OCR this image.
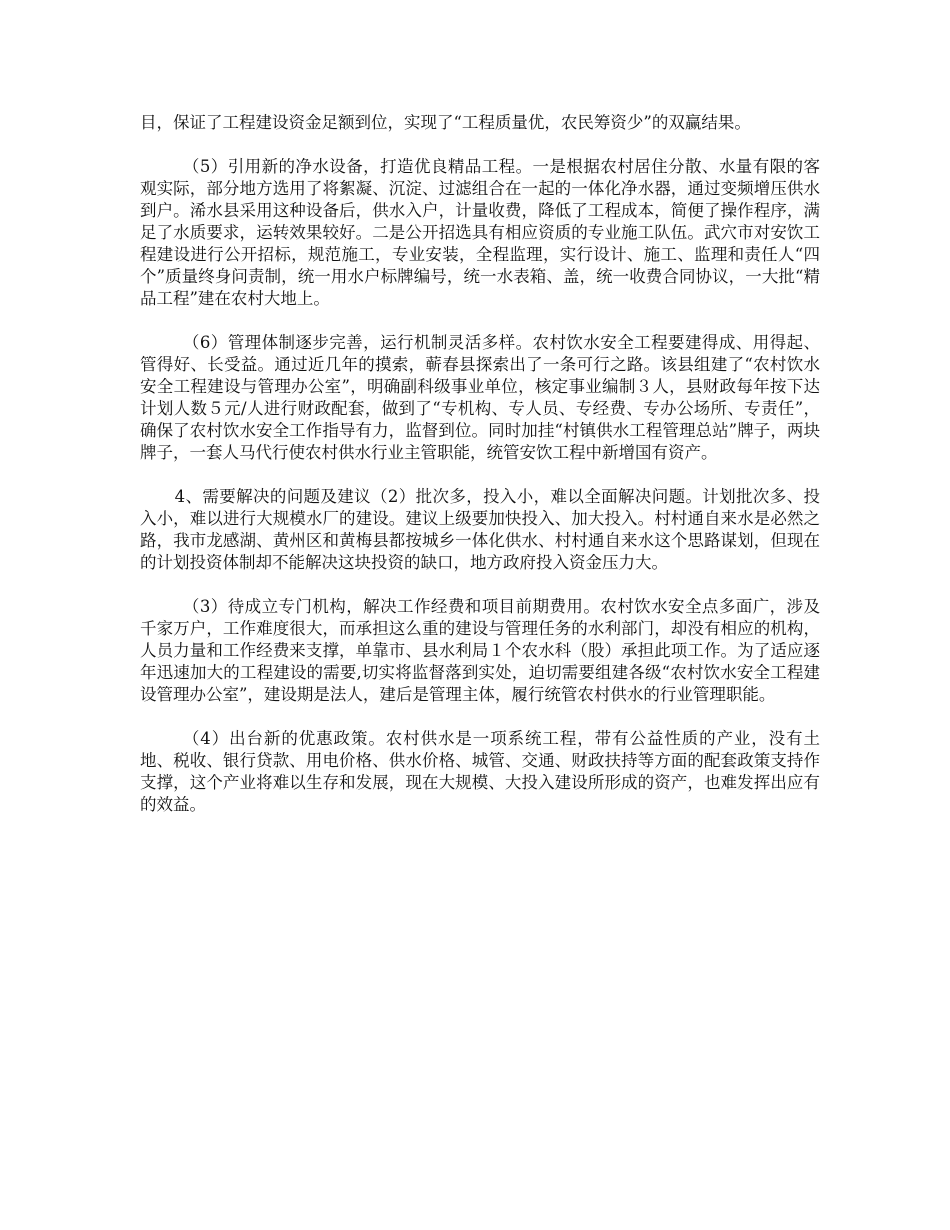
目，保证了工程建设资金足额到位，实现了“工程质量优，农民筹资少”的双赢结果。

（5）引用新的净水设备，打造优良精品工程。一是根据农村居住分散、水量有限的客观实际，部分地方选用了将絮凝、沉淀、过滤组合在一起的一体化净水器，通过变频增压供水到户。浠水县采用这种设备后，供水入户，计量收费，降低了工程成本，简便了操作程序，满足了水质要求，运转效果较好。二是公开招选具有相应资质的专业施工队伍。武穴市对安饮工程建设进行公开招标，规范施工，专业安装，全程监理，实行设计、施工、监理和责任人“四个”质量终身问责制，统一用水户标牌编号，统一水表箱、盖，统一收费合同协议，一大批“精品工程”建在农村大地上。

（6）管理体制逐步完善，运行机制灵活多样。农村饮水安全工程要建得成、用得起、管得好、长受益。通过近几年的摸索，蕲春县探索出了一条可行之路。该县组建了“农村饮水安全工程建设与管理办公室”，明确副科级事业单位，核定事业编制３人，县财政每年按下达计划人数５元/人进行财政配套，做到了“专机构、专人员、专经费、专办公场所、专责任”，确保了农村饮水安全工作指导有力，监督到位。同时加挂“村镇供水工程管理总站”牌子，两块牌子，一套人马代行使农村供水行业主管职能，统管安饮工程中新增国有资产。

4、需要解决的问题及建议（2）批次多，投入小，难以全面解决问题。计划批次多、投入小，难以进行大规模水厂的建设。建议上级要加快投入、加大投入。村村通自来水是必然之路，我市龙感湖、黄州区和黄梅县都按城乡一体化供水、村村通自来水这个思路谋划，但现在的计划投资体制却不能解决这块投资的缺口，地方政府投入资金压力大。

（3）待成立专门机构，解决工作经费和项目前期费用。农村饮水安全点多面广，涉及千家万户，工作难度很大，而承担这么重的建设与管理任务的水利部门，却没有相应的机构，人员力量和工作经费来支撑，单靠市、县水利局１个农水科（股）承担此项工作。为了适应逐年迅速加大的工程建设的需要,切实将监督落到实处，迫切需要组建各级“农村饮水安全工程建设管理办公室”，建设期是法人，建后是管理主体，履行统管农村供水的行业管理职能。

（4）出台新的优惠政策。农村供水是一项系统工程，带有公益性质的产业，没有土地、税收、银行贷款、用电价格、供水价格、城管、交通、财政扶持等方面的配套政策支持作支撑，这个产业将难以生存和发展，现在大规模、大投入建设所形成的资产，也难发挥出应有的效益。
